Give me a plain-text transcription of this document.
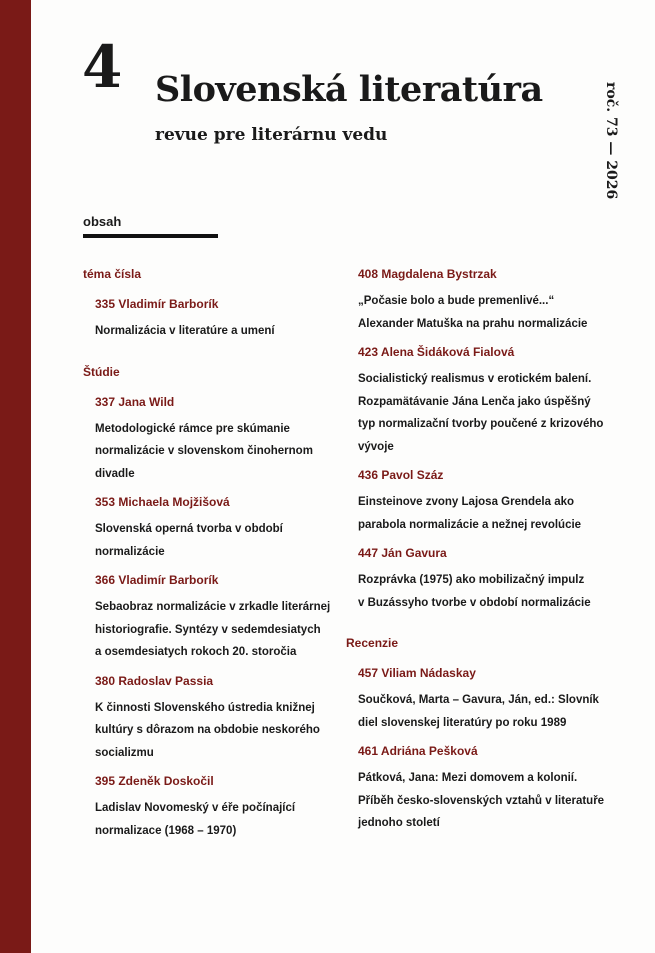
4 Slovenská literatúra
revue pre literárnu vedu	roč. 73 — 2026
obsah
téma čísla
335 Vladimír Barborík
Normalizácia v literatúre a umení
Štúdie
337 Jana Wild
Metodologické rámce pre skúmanie
normalizácie v slovenskom činohernom
divadle
353 Michaela Mojžišová
Slovenská operná tvorba v období
normalizácie
366 Vladimír Barborík
Sebaobraz normalizácie v zrkadle literárnej
historiografie. Syntézy v sedemdesiatych
a osemdesiatych rokoch 20. storočia
380 Radoslav Passia
K činnosti Slovenského ústredia knižnej
kultúry s dôrazom na obdobie neskorého
socializmu
395 Zdeněk Doskočil
Ladislav Novomeský v éře počínající
normalizace (1968 – 1970)
408 Magdalena Bystrzak
„Počasie bolo a bude premenlivé...“
Alexander Matuška na prahu normalizácie
423 Alena Šidáková Fialová
Socialistický realismus v erotickém balení.
Rozpamätávanie Jána Lenča jako úspěšný
typ normalizační tvorby poučené z krizového
vývoje
436 Pavol Száz
Einsteinove zvony Lajosa Grendela ako
parabola normalizácie a nežnej revolúcie
447 Ján Gavura
Rozprávka (1975) ako mobilizačný impulz
v Buzássyho tvorbe v období normalizácie
Recenzie
457 Viliam Nádaskay
Součková, Marta – Gavura, Ján, ed.: Slovník
diel slovenskej literatúry po roku 1989
461 Adriána Pešková
Pátková, Jana: Mezi domovem a kolonií.
Příběh česko-slovenských vztahů v literatuře
jednoho století
